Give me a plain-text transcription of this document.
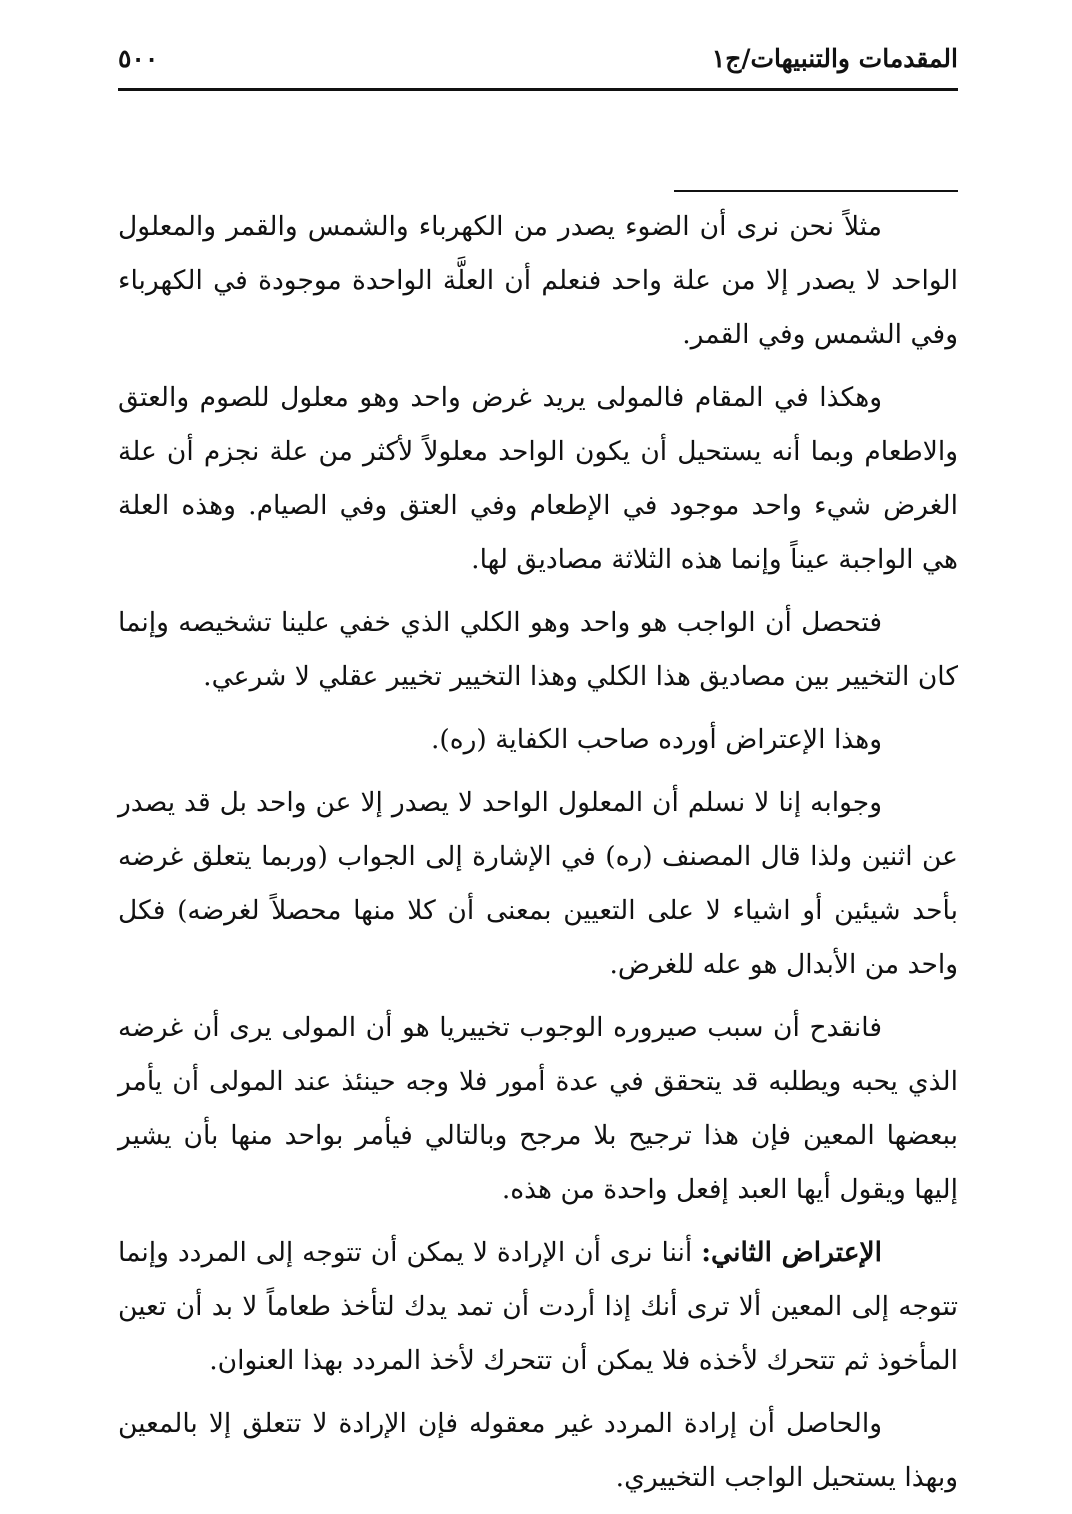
المقدمات والتنبيهات/ج١
٥٠٠

مثلاً نحن نرى أن الضوء يصدر من الكهرباء والشمس والقمر والمعلول الواحد لا يصدر إلا من علة واحد فنعلم أن العلَّة الواحدة موجودة في الكهرباء وفي الشمس وفي القمر.

وهكذا في المقام فالمولى يريد غرض واحد وهو معلول للصوم والعتق والاطعام وبما أنه يستحيل أن يكون الواحد معلولاً لأكثر من علة نجزم أن علة الغرض شيء واحد موجود في الإطعام وفي العتق وفي الصيام. وهذه العلة هي الواجبة عيناً وإنما هذه الثلاثة مصاديق لها.

فتحصل أن الواجب هو واحد وهو الكلي الذي خفي علينا تشخيصه وإنما كان التخيير بين مصاديق هذا الكلي وهذا التخيير تخيير عقلي لا شرعي.

وهذا الإعتراض أورده صاحب الكفاية (ره).

وجوابه إنا لا نسلم أن المعلول الواحد لا يصدر إلا عن واحد بل قد يصدر عن اثنين ولذا قال المصنف (ره) في الإشارة إلى الجواب (وربما يتعلق غرضه بأحد شيئين أو اشياء لا على التعيين بمعنى أن كلا منها محصلاً لغرضه) فكل واحد من الأبدال هو عله للغرض.

فانقدح أن سبب صيروره الوجوب تخييريا هو أن المولى يرى أن غرضه الذي يحبه ويطلبه قد يتحقق في عدة أمور فلا وجه حينئذ عند المولى أن يأمر ببعضها المعين فإن هذا ترجيح بلا مرجح وبالتالي فيأمر بواحد منها بأن يشير إليها ويقول أيها العبد إفعل واحدة من هذه.

الإعتراض الثاني: أننا نرى أن الإرادة لا يمكن أن تتوجه إلى المردد وإنما تتوجه إلى المعين ألا ترى أنك إذا أردت أن تمد يدك لتأخذ طعاماً لا بد أن تعين المأخوذ ثم تتحرك لأخذه فلا يمكن أن تتحرك لأخذ المردد بهذا العنوان.

والحاصل أن إرادة المردد غير معقوله فإن الإرادة لا تتعلق إلا بالمعين وبهذا يستحيل الواجب التخييري.
